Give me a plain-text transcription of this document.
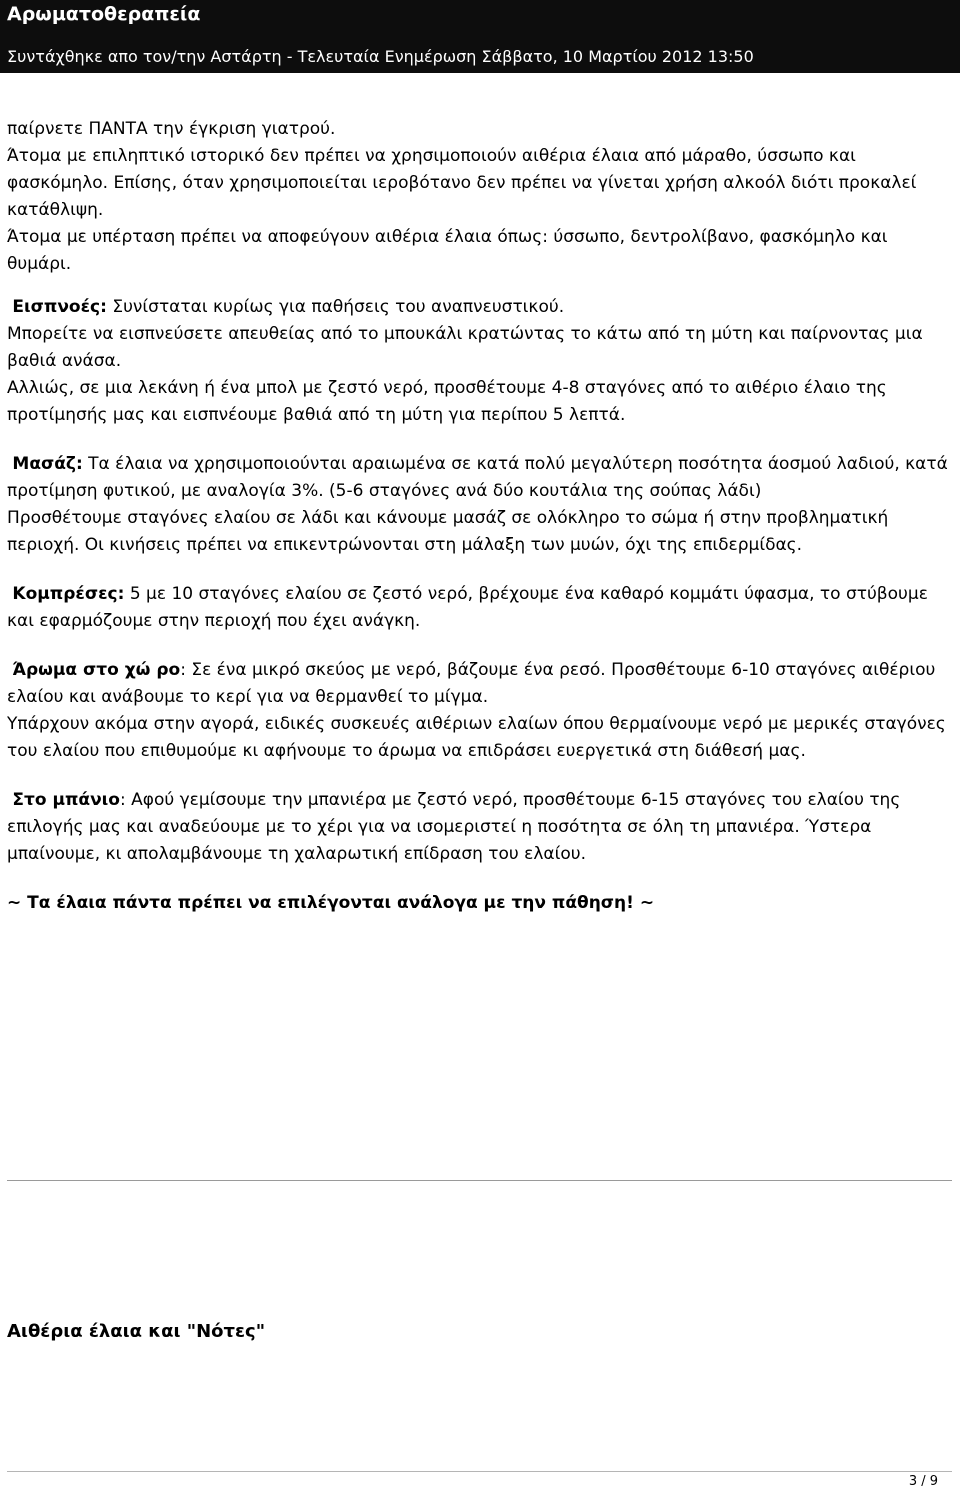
Αρωματοθεραπεία
Συντάχθηκε απο τον/την Αστάρτη - Τελευταία Ενημέρωση Σάββατο, 10 Μαρτίου 2012 13:50

παίρνετε ΠΑΝΤΑ την έγκριση γιατρού.

Άτομα με επιληπτικό ιστορικό δεν πρέπει να χρησιμοποιούν αιθέρια έλαια από μάραθο, ύσσωπο και φασκόμηλο. Επίσης, όταν χρησιμοποιείται ιεροβότανο δεν πρέπει να γίνεται χρήση αλκοόλ διότι προκαλεί κατάθλιψη.

Άτομα με υπέρταση πρέπει να αποφεύγουν αιθέρια έλαια όπως: ύσσωπο, δεντρολίβανο, φασκόμηλο και θυμάρι.

Εισπνοές: Συνίσταται κυρίως για παθήσεις του αναπνευστικού.

Μπορείτε να εισπνεύσετε απευθείας από το μπουκάλι κρατώντας το κάτω από τη μύτη και παίρνοντας μια βαθιά ανάσα.

Αλλιώς, σε μια λεκάνη ή ένα μπολ με ζεστό νερό, προσθέτουμε 4-8 σταγόνες από το αιθέριο έλαιο της προτίμησής μας και εισπνέουμε βαθιά από τη μύτη για περίπου 5 λεπτά.

Μασάζ: Τα έλαια να χρησιμοποιούνται αραιωμένα σε κατά πολύ μεγαλύτερη ποσότητα άοσμού λαδιού, κατά προτίμηση φυτικού, με αναλογία 3%. (5-6 σταγόνες ανά δύο κουτάλια της σούπας λάδι)

Προσθέτουμε σταγόνες ελαίου σε λάδι και κάνουμε μασάζ σε ολόκληρο το σώμα ή στην προβληματική περιοχή. Οι κινήσεις πρέπει να επικεντρώνονται στη μάλαξη των μυών, όχι της επιδερμίδας.

Κομπρέσες: 5 με 10 σταγόνες ελαίου σε ζεστό νερό, βρέχουμε ένα καθαρό κομμάτι ύφασμα, το στύβουμε και εφαρμόζουμε στην περιοχή που έχει ανάγκη.

Άρωμα στο χώ ρο: Σε ένα μικρό σκεύος με νερό, βάζουμε ένα ρεσό. Προσθέτουμε 6-10 σταγόνες αιθέριου ελαίου και ανάβουμε το κερί για να θερμανθεί το μίγμα.

Υπάρχουν ακόμα στην αγορά, ειδικές συσκευές αιθέριων ελαίων όπου θερμαίνουμε νερό με μερικές σταγόνες του ελαίου που επιθυμούμε κι αφήνουμε το άρωμα να επιδράσει ευεργετικά στη διάθεσή μας.

Στο μπάνιο: Αφού γεμίσουμε την μπανιέρα με ζεστό νερό, προσθέτουμε 6-15 σταγόνες του ελαίου της επιλογής μας και αναδεύουμε με το χέρι για να ισομεριστεί η ποσότητα σε όλη τη μπανιέρα. Ύστερα μπαίνουμε, κι απολαμβάνουμε τη χαλαρωτική επίδραση του ελαίου.

~ Τα έλαια πάντα πρέπει να επιλέγονται ανάλογα με την πάθηση! ~

Αιθέρια έλαια και "Νότες"
3 / 9
